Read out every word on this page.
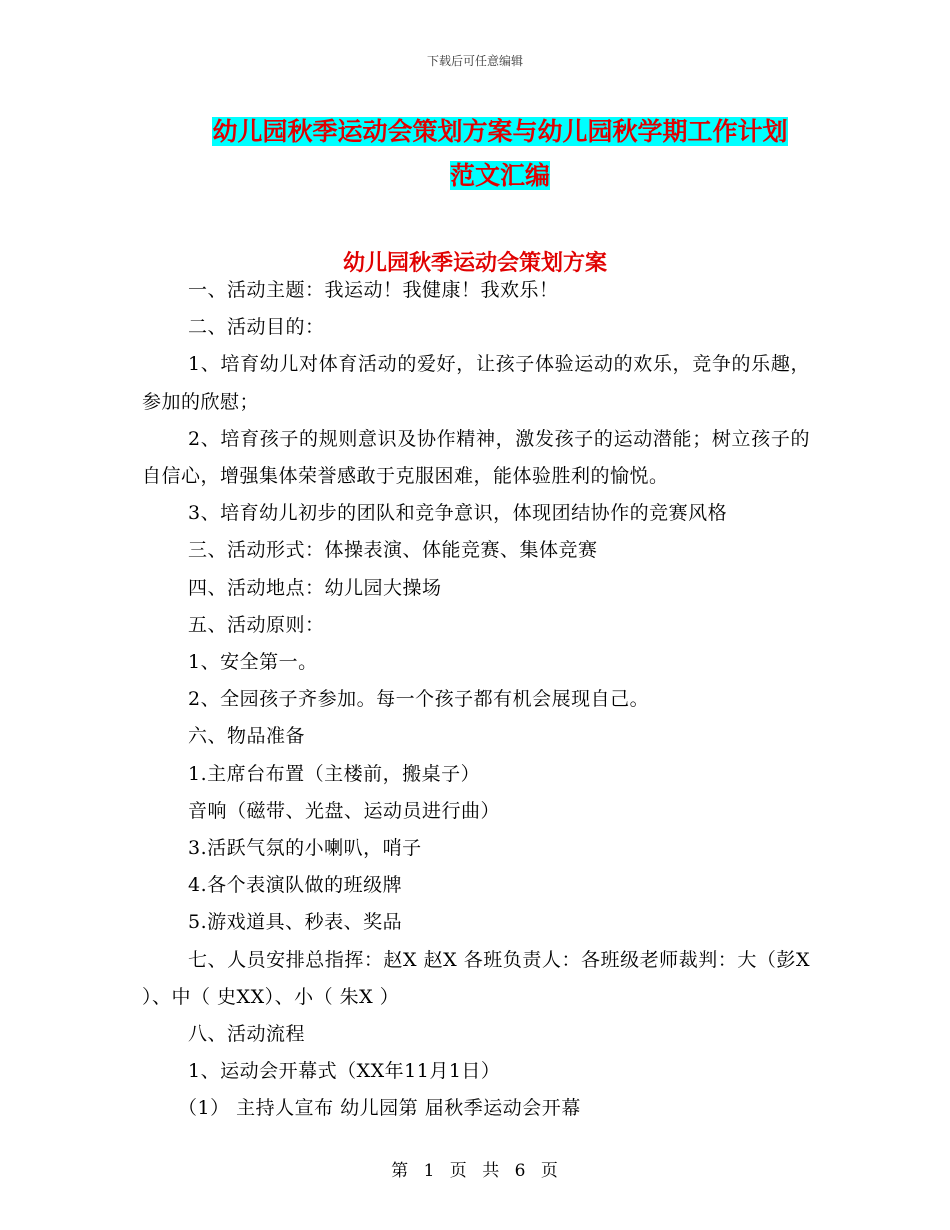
下载后可任意编辑
幼儿园秋季运动会策划方案与幼儿园秋学期工作计划
范文汇编
幼儿园秋季运动会策划方案

一、活动主题：我运动！我健康！我欢乐！

二、活动目的：

1、培育幼儿对体育活动的爱好，让孩子体验运动的欢乐，竞争的乐趣，参加的欣慰；

2、培育孩子的规则意识及协作精神，激发孩子的运动潜能；树立孩子的自信心，增强集体荣誉感敢于克服困难，能体验胜利的愉悦。

3、培育幼儿初步的团队和竞争意识，体现团结协作的竞赛风格

三、活动形式：体操表演、体能竞赛、集体竞赛

四、活动地点：幼儿园大操场

五、活动原则：

1、安全第一。

2、全园孩子齐参加。每一个孩子都有机会展现自己。

六、物品准备

1.主席台布置（主楼前，搬桌子）

音响（磁带、光盘、运动员进行曲）

3.活跃气氛的小喇叭，哨子

4.各个表演队做的班级牌

5.游戏道具、秒表、奖品

七、人员安排总指挥：赵X 赵X 各班负责人：各班级老师裁判：大（彭X ）、中（ 史XX）、小（ 朱X ）

八、活动流程

1、运动会开幕式（XX年11月1日）

（1） 主持人宣布 幼儿园第 届秋季运动会开幕

第 1 页 共 6 页
